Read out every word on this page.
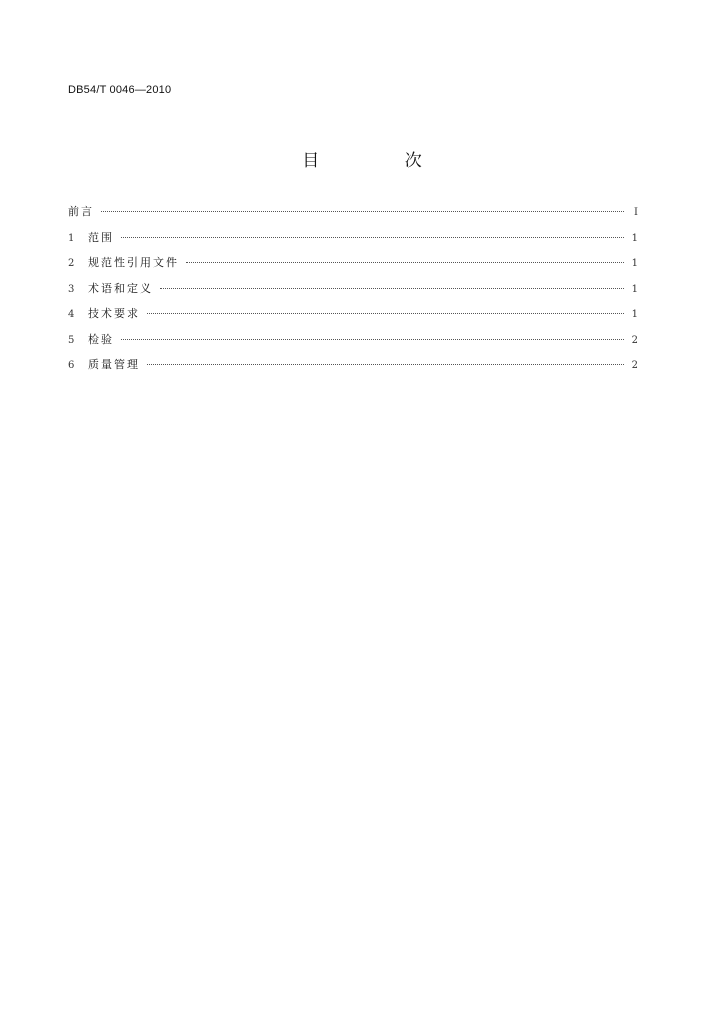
DB54/T 0046—2010
目 次
前言	I
1	范围	1
2	规范性引用文件	1
3	术语和定义	1
4	技术要求	1
5	检验	2
6	质量管理	2
